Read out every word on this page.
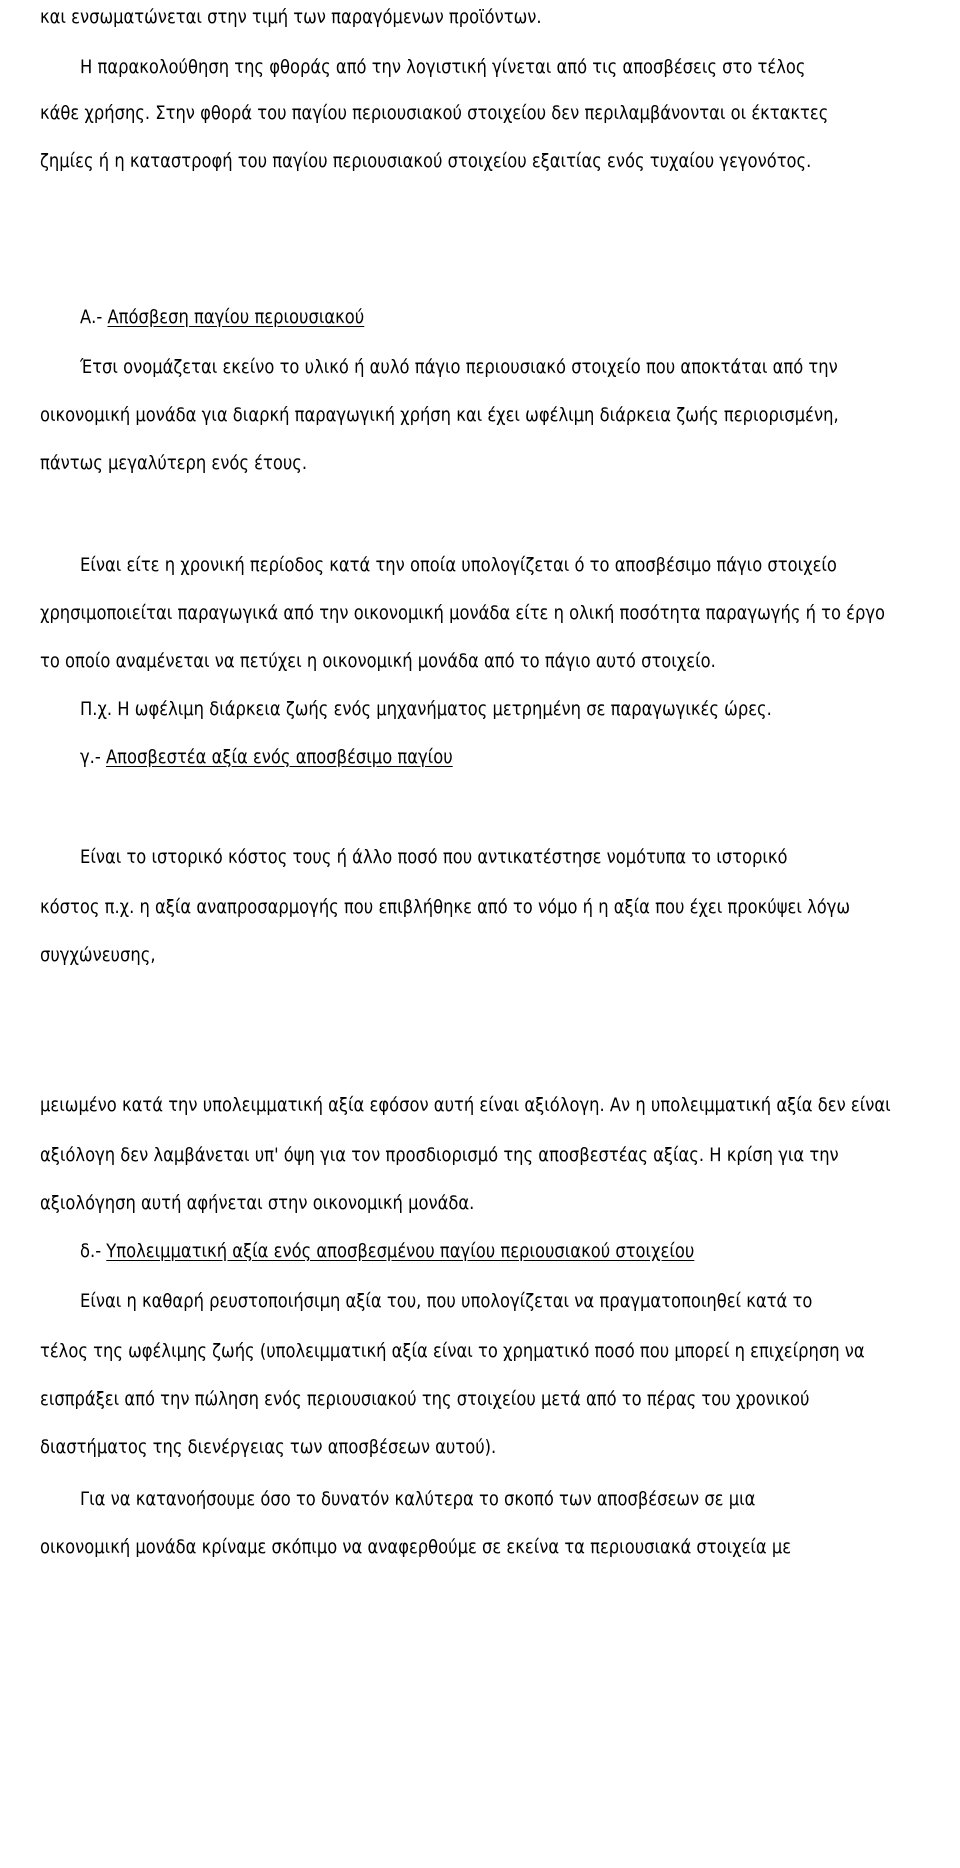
και ενσωματώνεται στην τιμή των παραγόμενων προϊόντων.
Η παρακολούθηση της φθοράς από την λογιστική γίνεται από τις αποσβέσεις στο τέλος
κάθε χρήσης. Στην φθορά του παγίου περιουσιακού στοιχείου δεν περιλαμβάνονται οι έκτακτες
ζημίες ή η καταστροφή του παγίου περιουσιακού στοιχείου εξαιτίας ενός τυχαίου γεγονότος.
Α.- Απόσβεση παγίου περιουσιακού
Έτσι ονομάζεται εκείνο το υλικό ή αυλό πάγιο περιουσιακό στοιχείο που αποκτάται από την
οικονομική μονάδα για διαρκή παραγωγική χρήση και έχει ωφέλιμη διάρκεια ζωής περιορισμένη,
πάντως μεγαλύτερη ενός έτους.
Είναι είτε η χρονική περίοδος κατά την οποία υπολογίζεται ό το αποσβέσιμο πάγιο στοιχείο
χρησιμοποιείται παραγωγικά από την οικονομική μονάδα είτε η ολική ποσότητα παραγωγής ή το έργο
το οποίο αναμένεται να πετύχει η οικονομική μονάδα από το πάγιο αυτό στοιχείο.
Π.χ. Η ωφέλιμη διάρκεια ζωής ενός μηχανήματος μετρημένη σε παραγωγικές ώρες.
γ.- Αποσβεστέα αξία ενός αποσβέσιμο παγίου
Είναι το ιστορικό κόστος τους ή άλλο ποσό που αντικατέστησε νομότυπα το ιστορικό
κόστος π.χ. η αξία αναπροσαρμογής που επιβλήθηκε από το νόμο ή η αξία που έχει προκύψει λόγω
συγχώνευσης,
μειωμένο κατά την υπολειμματική αξία εφόσον αυτή είναι αξιόλογη. Αν η υπολειμματική αξία δεν είναι
αξιόλογη δεν λαμβάνεται υπ' όψη για τον προσδιορισμό της αποσβεστέας αξίας. Η κρίση για την
αξιολόγηση αυτή αφήνεται στην οικονομική μονάδα.
δ.- Υπολειμματική αξία ενός αποσβεσμένου παγίου περιουσιακού στοιχείου
Είναι η καθαρή ρευστοποιήσιμη αξία του, που υπολογίζεται να πραγματοποιηθεί κατά το
τέλος της ωφέλιμης ζωής (υπολειμματική αξία είναι το χρηματικό ποσό που μπορεί η επιχείρηση να
εισπράξει από την πώληση ενός περιουσιακού της στοιχείου μετά από το πέρας του χρονικού
διαστήματος της διενέργειας των αποσβέσεων αυτού).
Για να κατανοήσουμε όσο το δυνατόν καλύτερα το σκοπό των αποσβέσεων σε μια
οικονομική μονάδα κρίναμε σκόπιμο να αναφερθούμε σε εκείνα τα περιουσιακά στοιχεία με
